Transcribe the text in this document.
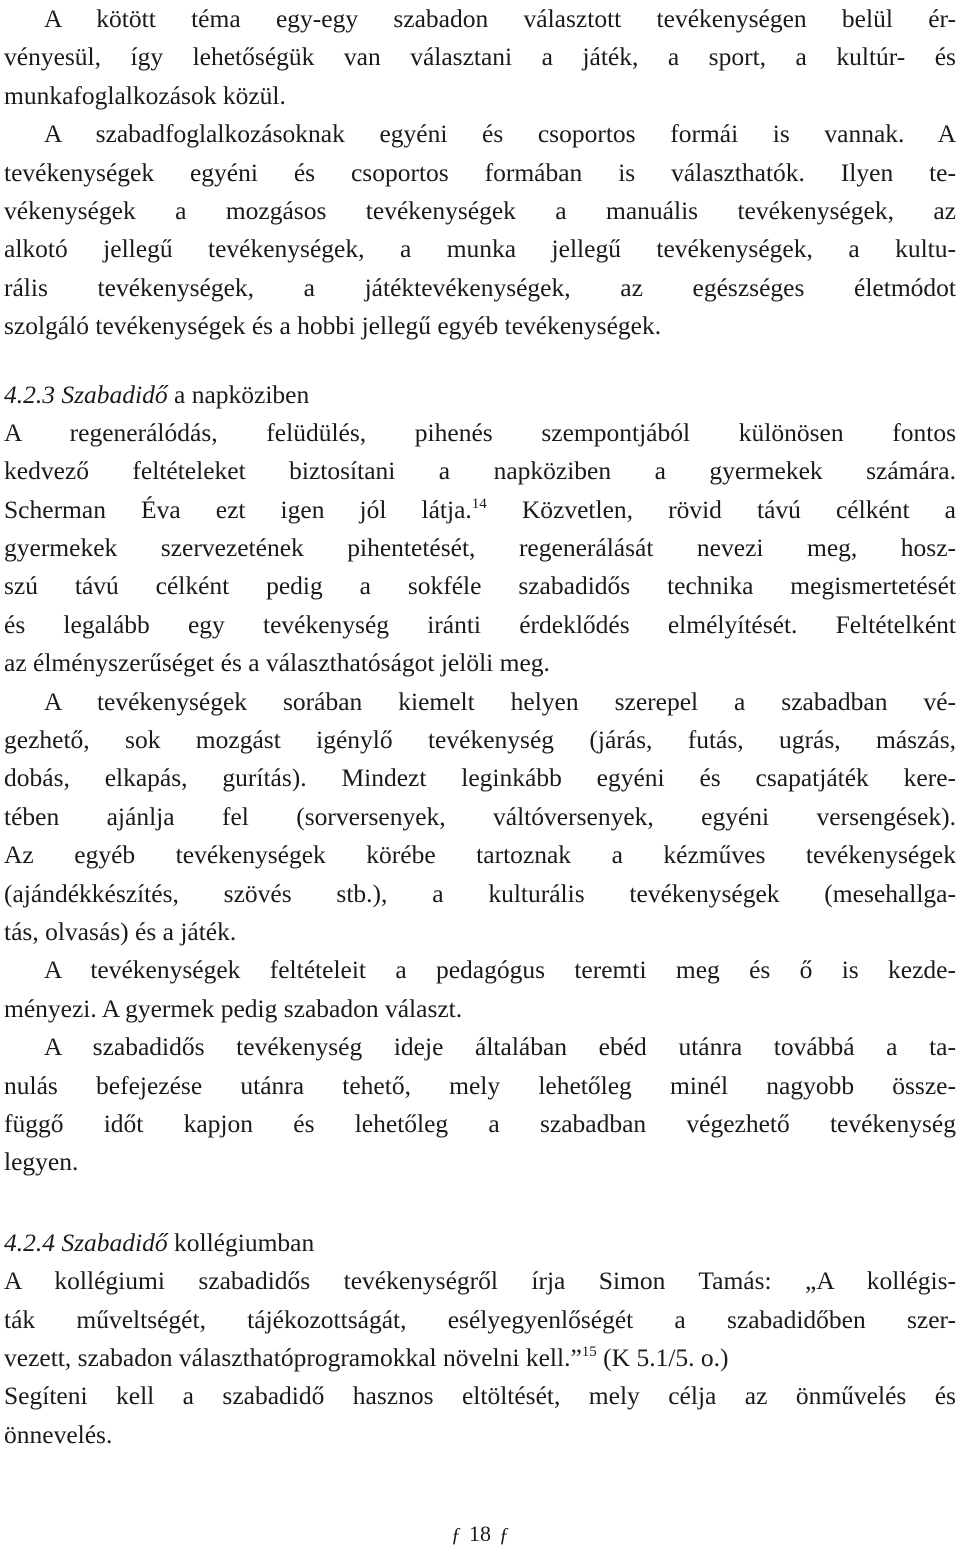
A kötött téma egy-egy szabadon választott tevékenységen belül ér-
vényesül, így lehetőségük van választani a játék, a sport, a kultúr- és
munkafoglalkozások közül.
A szabadfoglalkozásoknak egyéni és csoportos formái is vannak. A
tevékenységek egyéni és csoportos formában is választhatók. Ilyen te-
vékenységek a mozgásos tevékenységek a manuális tevékenységek, az
alkotó jellegű tevékenységek, a munka jellegű tevékenységek, a kultu-
rális tevékenységek, a játéktevékenységek, az egészséges életmódot
szolgáló tevékenységek és a hobbi jellegű egyéb tevékenységek.
4.2.3 Szabadidő a napköziben
A regenerálódás, felüdülés, pihenés szempontjából különösen fontos
kedvező feltételeket biztosítani a napköziben a gyermekek számára.
Scherman Éva ezt igen jól látja.$^{14}$ Közvetlen, rövid távú célként a
gyermekek szervezetének pihentetését, regenerálását nevezi meg, hosz-
szú távú célként pedig a sokféle szabadidős technika megismertetését
és legalább egy tevékenység iránti érdeklődés elmélyítését. Feltételként
az élményszerűséget és a választhatóságot jelöli meg.
A tevékenységek sorában kiemelt helyen szerepel a szabadban vé-
gezhető, sok mozgást igénylő tevékenység (járás, futás, ugrás, mászás,
dobás, elkapás, gurítás). Mindezt leginkább egyéni és csapatjáték kere-
tében ajánlja fel (sorversenyek, váltóversenyek, egyéni versengések).
Az egyéb tevékenységek körébe tartoznak a kézműves tevékenységek
(ajándékkészítés, szövés stb.), a kulturális tevékenységek (mesehallga-
tás, olvasás) és a játék.
A tevékenységek feltételeit a pedagógus teremti meg és ő is kezde-
ményezi. A gyermek pedig szabadon választ.
A szabadidős tevékenység ideje általában ebéd utánra továbbá a ta-
nulás befejezése utánra tehető, mely lehetőleg minél nagyobb össze-
függő időt kapjon és lehetőleg a szabadban végezhető tevékenység
legyen.
4.2.4 Szabadidő kollégiumban
A kollégiumi szabadidős tevékenységről írja Simon Tamás: „A kollégis-
ták műveltségét, tájékozottságát, esélyegyenlőségét a szabadidőben szer-
vezett, szabadon választhatóprogramokkal növelni kell.”$^{15}$ (K 5.1/5. o.)
Segíteni kell a szabadidő hasznos eltöltését, mely célja az önművelés és
önnevelés.
ƒ 18 ƒ
